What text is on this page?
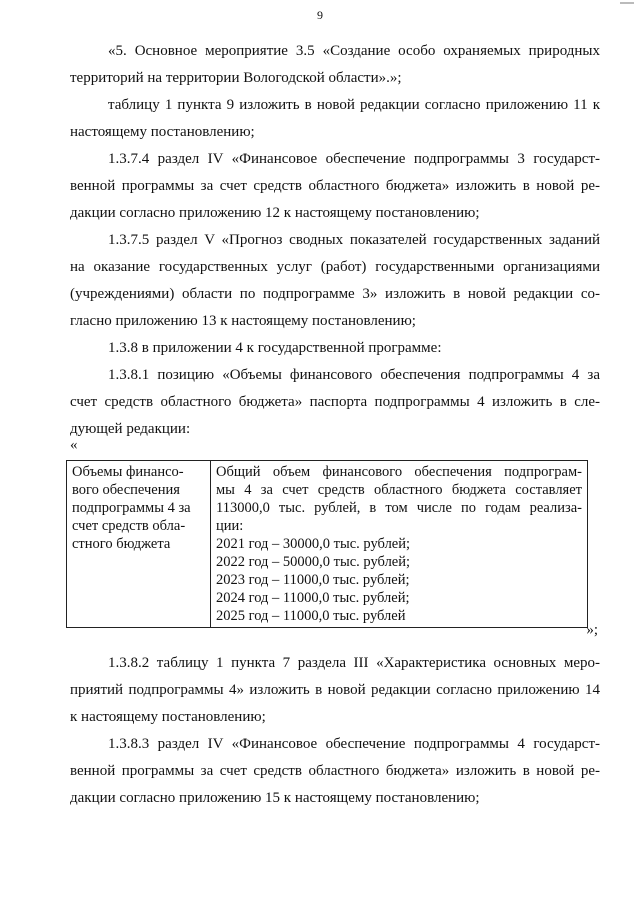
9
«5. Основное мероприятие 3.5 «Создание особо охраняемых природных
территорий на территории Вологодской области».»;
таблицу 1 пункта 9 изложить в новой редакции согласно приложению 11 к
настоящему постановлению;
1.3.7.4 раздел IV «Финансовое обеспечение подпрограммы 3 государст-
венной программы за счет средств областного бюджета» изложить в новой ре-
дакции согласно приложению 12 к настоящему постановлению;
1.3.7.5 раздел V «Прогноз сводных показателей государственных заданий
на оказание государственных услуг (работ) государственными организациями
(учреждениями) области по подпрограмме 3» изложить в новой редакции со-
гласно приложению 13 к настоящему постановлению;
1.3.8 в приложении 4 к государственной программе:
1.3.8.1 позицию «Объемы финансового обеспечения подпрограммы 4 за
счет средств областного бюджета» паспорта подпрограммы 4 изложить в сле-
дующей редакции:
«
Объемы финансо-
вого обеспечения
подпрограммы 4 за
счет средств обла-
стного бюджета

Общий объем финансового обеспечения подпрограм-
мы 4 за счет средств областного бюджета составляет
113000,0 тыс. рублей, в том числе по годам реализа-
ции:
2021 год – 30000,0 тыс. рублей;
2022 год – 50000,0 тыс. рублей;
2023 год – 11000,0 тыс. рублей;
2024 год – 11000,0 тыс. рублей;
2025 год – 11000,0 тыс. рублей
»;
1.3.8.2 таблицу 1 пункта 7 раздела III «Характеристика основных меро-
приятий подпрограммы 4» изложить в новой редакции согласно приложению 14
к настоящему постановлению;
1.3.8.3 раздел IV «Финансовое обеспечение подпрограммы 4 государст-
венной программы за счет средств областного бюджета» изложить в новой ре-
дакции согласно приложению 15 к настоящему постановлению;
